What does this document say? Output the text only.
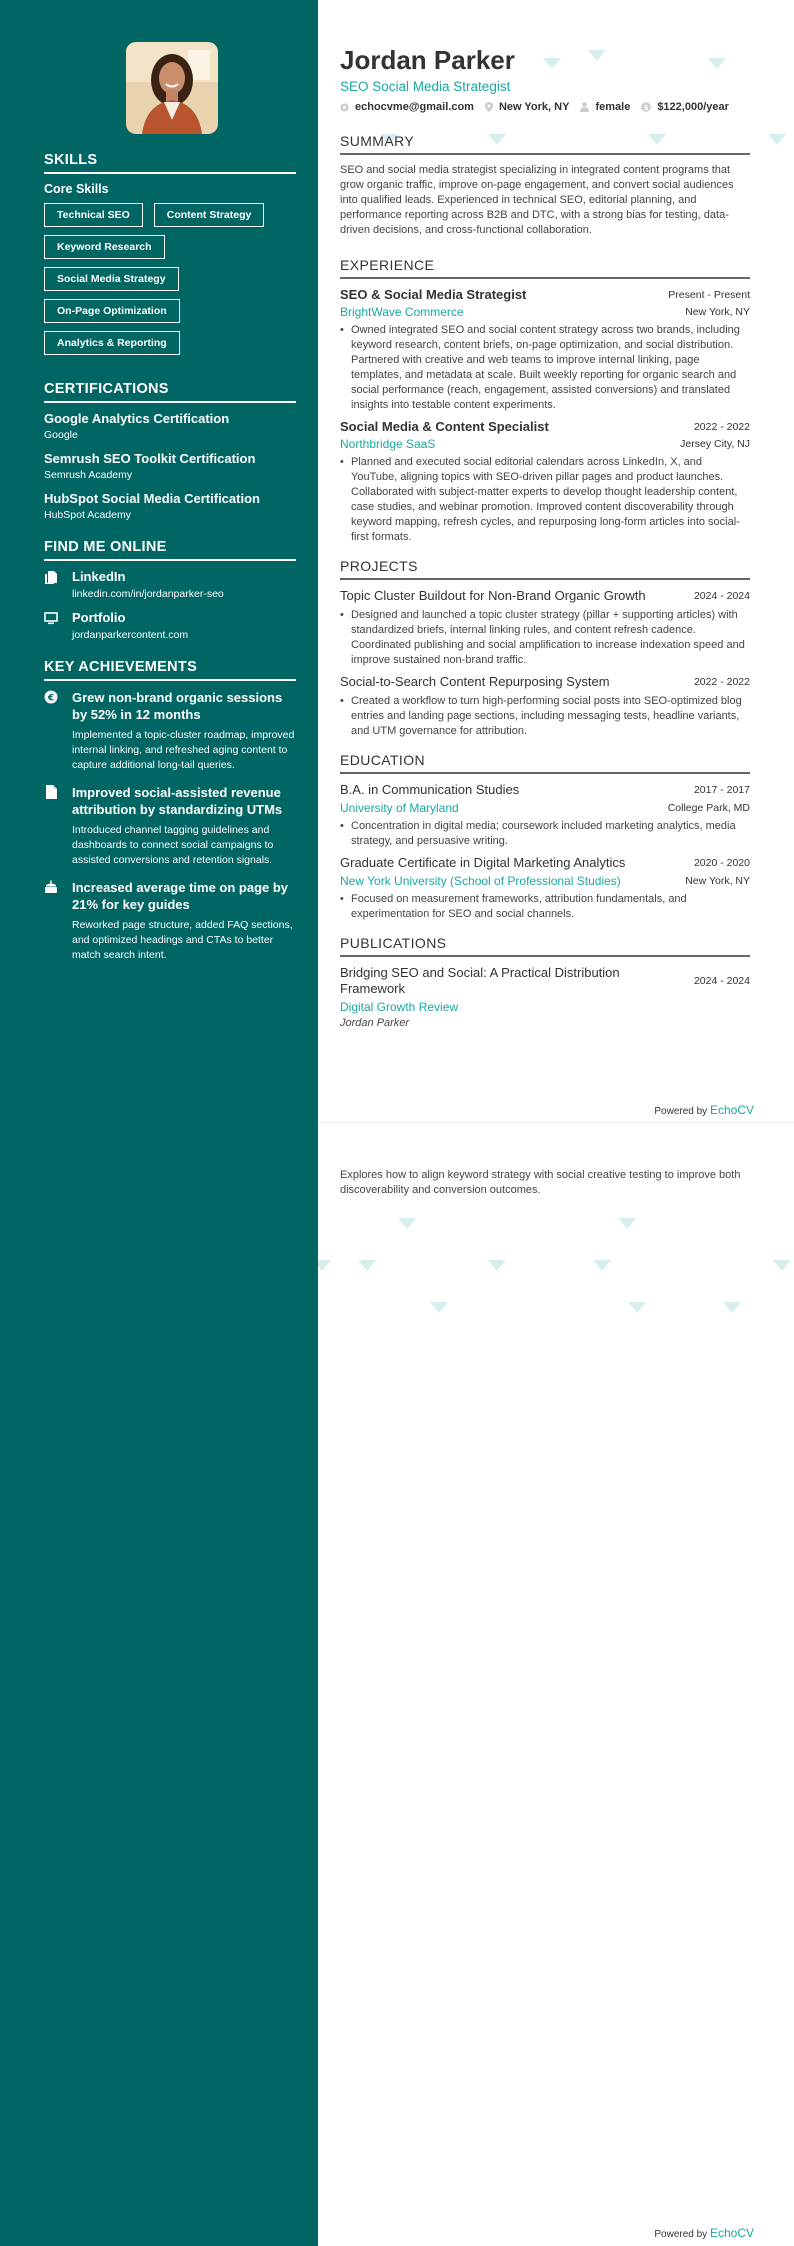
SKILLS
Core Skills
Technical SEO	Content Strategy
Keyword Research
Social Media Strategy
On-Page Optimization
Analytics & Reporting
CERTIFICATIONS
Google Analytics Certification
Google
Semrush SEO Toolkit Certification
Semrush Academy
HubSpot Social Media Certification
HubSpot Academy
FIND ME ONLINE
LinkedIn
linkedin.com/in/jordanparker-seo
Portfolio
jordanparkercontent.com
KEY ACHIEVEMENTS
€ Grew non-brand organic sessions by 52% in 12 months
Implemented a topic-cluster roadmap, improved internal linking, and refreshed aging content to capture additional long-tail queries.
Improved social-assisted revenue attribution by standardizing UTMs
Introduced channel tagging guidelines and dashboards to connect social campaigns to assisted conversions and retention signals.
Increased average time on page by 21% for key guides
Reworked page structure, added FAQ sections, and optimized headings and CTAs to better match search intent.
Jordan Parker
SEO Social Media Strategist
echocvme@gmail.com New York, NY female $ $122,000/year
SUMMARY
SEO and social media strategist specializing in integrated content programs that grow organic traffic, improve on-page engagement, and convert social audiences into qualified leads. Experienced in technical SEO, editorial planning, and performance reporting across B2B and DTC, with a strong bias for testing, data-driven decisions, and cross-functional collaboration.
EXPERIENCE
SEO & Social Media Strategist	Present - Present
BrightWave Commerce	New York, NY
• Owned integrated SEO and social content strategy across two brands, including keyword research, content briefs, on-page optimization, and social distribution. Partnered with creative and web teams to improve internal linking, page templates, and metadata at scale. Built weekly reporting for organic search and social performance (reach, engagement, assisted conversions) and translated insights into testable content experiments.
Social Media & Content Specialist	2022 - 2022
Northbridge SaaS	Jersey City, NJ
• Planned and executed social editorial calendars across LinkedIn, X, and YouTube, aligning topics with SEO-driven pillar pages and product launches. Collaborated with subject-matter experts to develop thought leadership content, case studies, and webinar promotion. Improved content discoverability through keyword mapping, refresh cycles, and repurposing long-form articles into social-first formats.
PROJECTS
Topic Cluster Buildout for Non-Brand Organic Growth	2024 - 2024
• Designed and launched a topic cluster strategy (pillar + supporting articles) with standardized briefs, internal linking rules, and content refresh cadence. Coordinated publishing and social amplification to increase indexation speed and improve sustained non-brand traffic.
Social-to-Search Content Repurposing System	2022 - 2022
• Created a workflow to turn high-performing social posts into SEO-optimized blog entries and landing page sections, including messaging tests, headline variants, and UTM governance for attribution.
EDUCATION
B.A. in Communication Studies	2017 - 2017
University of Maryland	College Park, MD
• Concentration in digital media; coursework included marketing analytics, media strategy, and persuasive writing.
Graduate Certificate in Digital Marketing Analytics	2020 - 2020
New York University (School of Professional Studies)	New York, NY
• Focused on measurement frameworks, attribution fundamentals, and experimentation for SEO and social channels.
PUBLICATIONS
Bridging SEO and Social: A Practical Distribution Framework	2024 - 2024
Digital Growth Review
Jordan Parker
Explores how to align keyword strategy with social creative testing to improve both discoverability and conversion outcomes.
Powered by EchoCV
Powered by EchoCV
